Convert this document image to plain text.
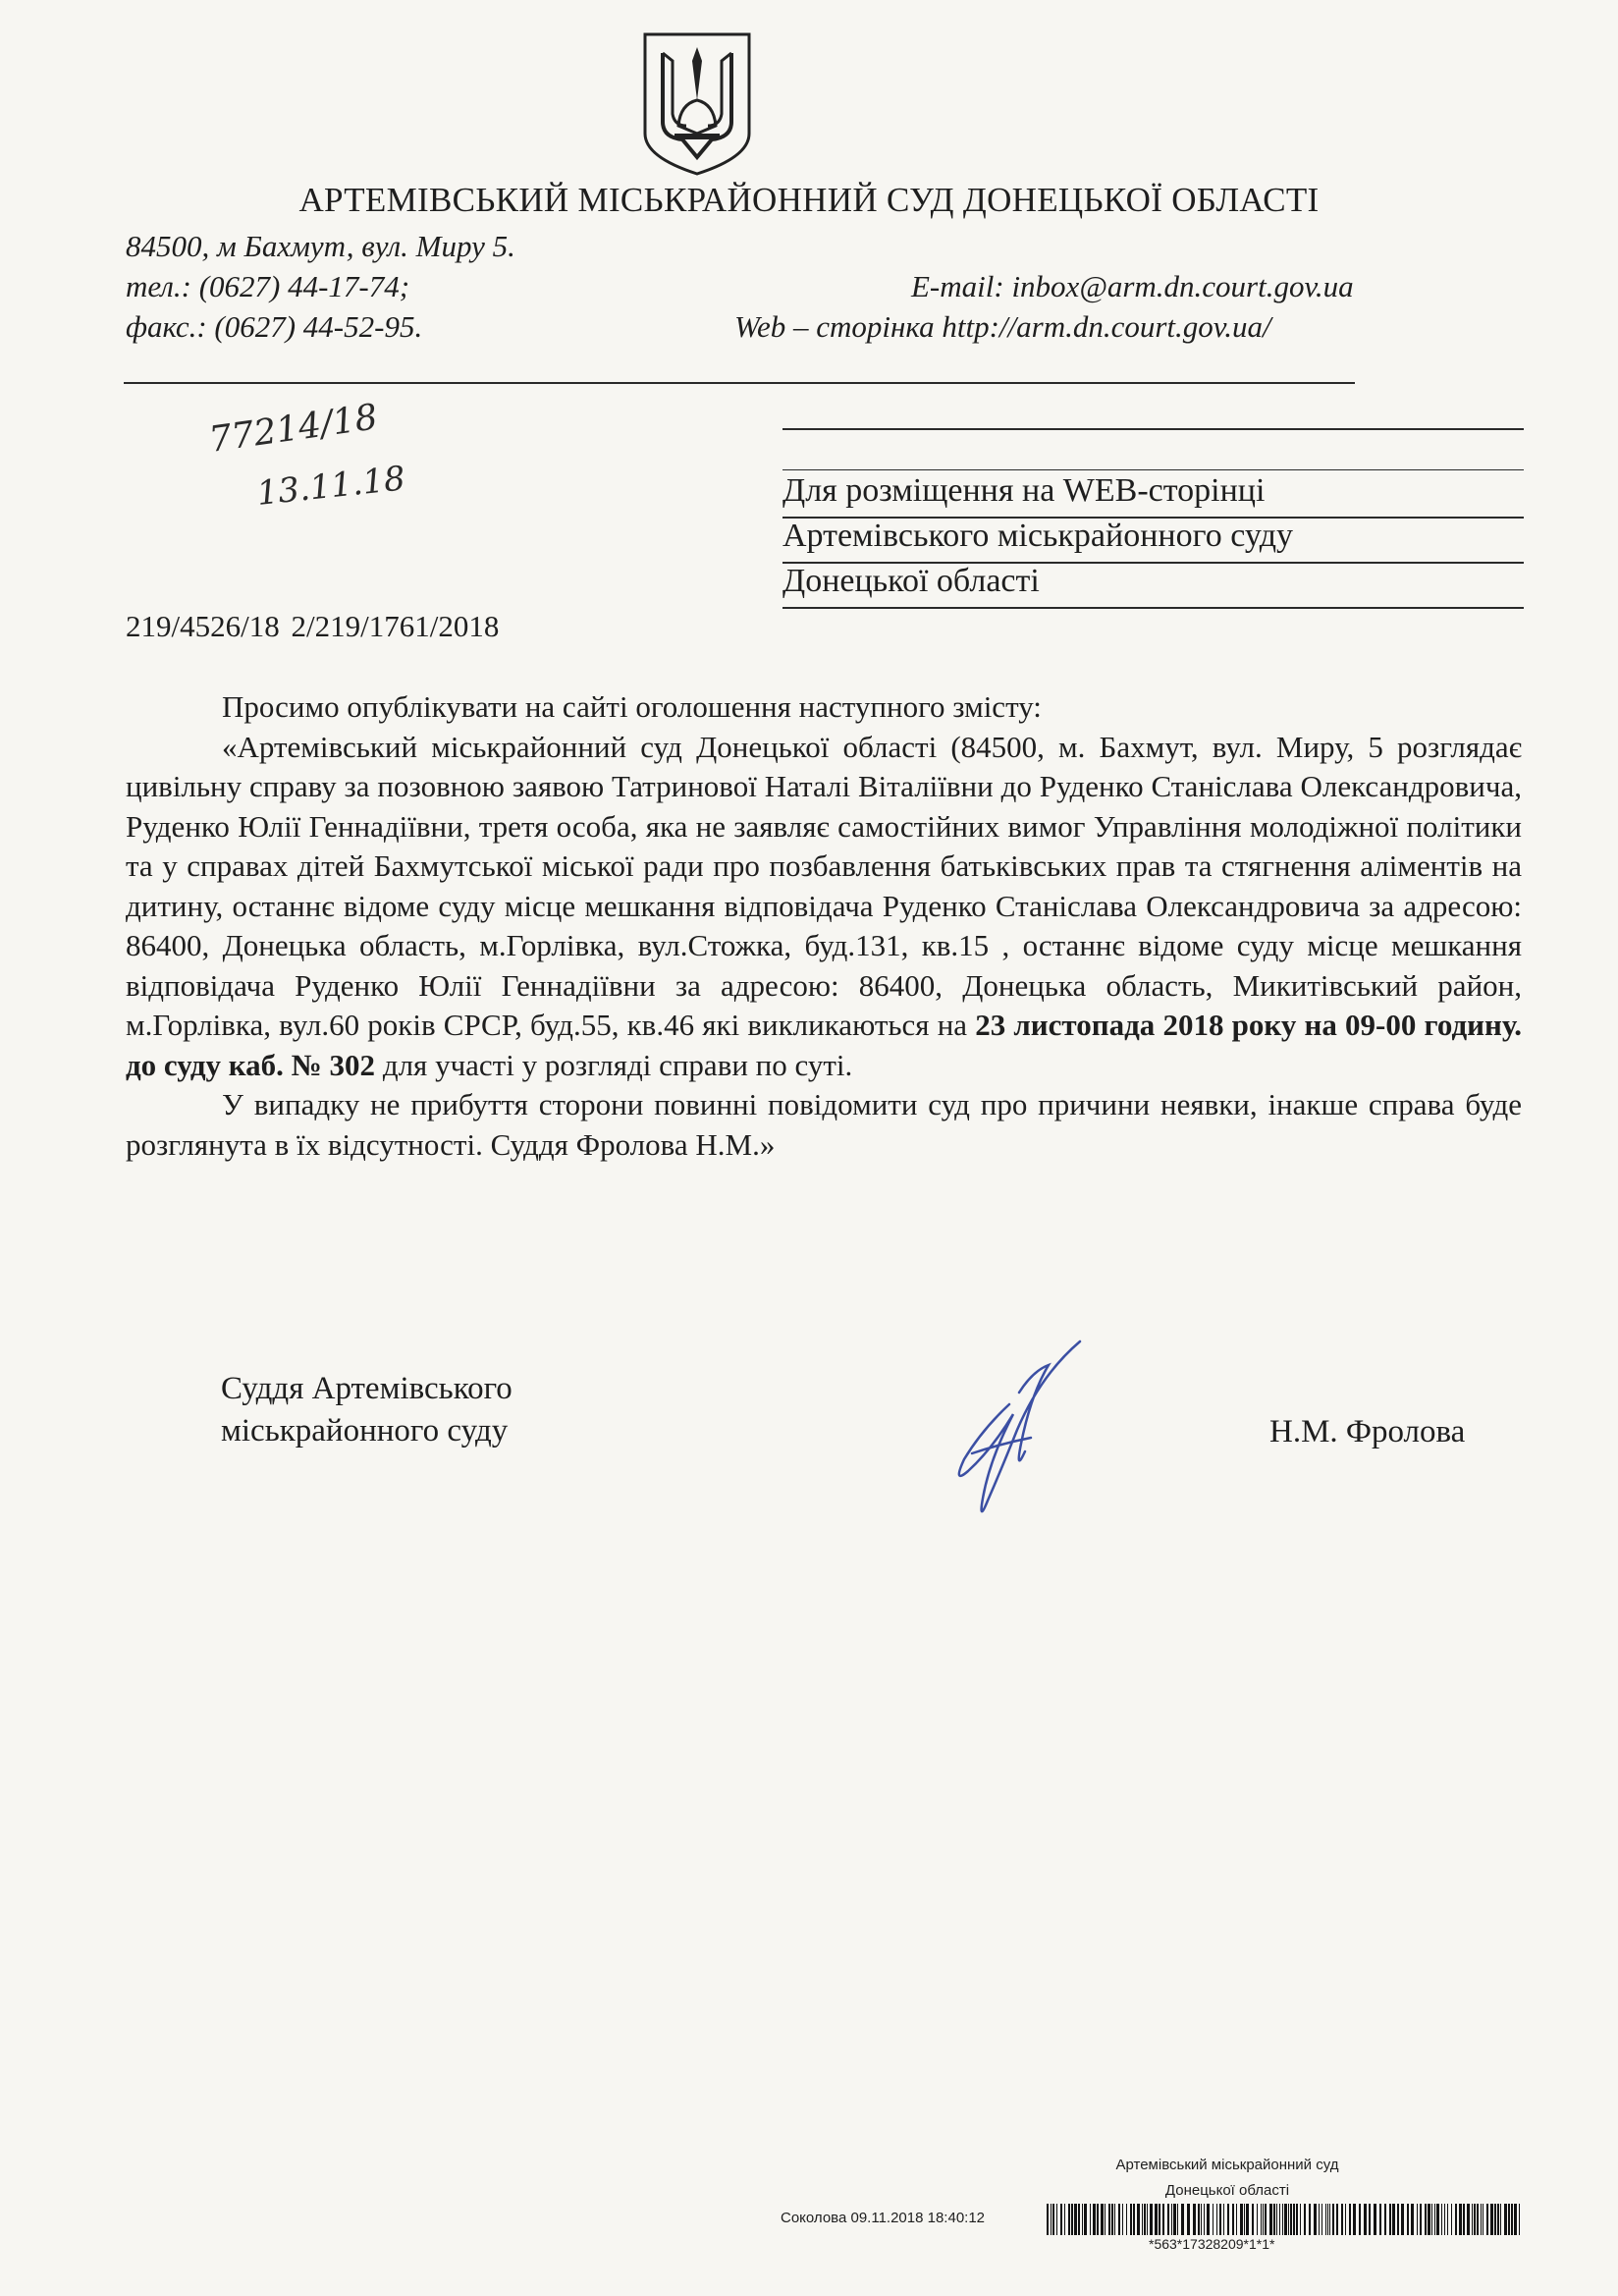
АРТЕМІВСЬКИЙ МІСЬКРАЙОННИЙ СУД ДОНЕЦЬКОЇ ОБЛАСТІ
84500, м Бахмут, вул. Миру 5.
тел.: (0627) 44-17-74;
факс.: (0627) 44-52-95.
E-mail: inbox@arm.dn.court.gov.ua
Web – сторінка http://arm.dn.court.gov.ua/
77214/18
13.11.18	Для розміщення на WEB-сторінці
Артемівського міськрайонного суду
Донецької області
219/4526/18 2/219/1761/2018

Просимо опублікувати на сайті оголошення наступного змісту:

«Артемівський міськрайонний суд Донецької області (84500, м. Бахмут, вул. Миру, 5 розглядає цивільну справу за позовною заявою Татринової Наталі Віталіївни до Руденко Станіслава Олександровича, Руденко Юлії Геннадіївни, третя особа, яка не заявляє самостійних вимог Управління молодіжної політики та у справах дітей Бахмутської міської ради про позбавлення батьківських прав та стягнення аліментів на дитину, останнє відоме суду місце мешкання відповідача Руденко Станіслава Олександровича за адресою: 86400, Донецька область, м.Горлівка, вул.Стожка, буд.131, кв.15 , останнє відоме суду місце мешкання відповідача Руденко Юлії Геннадіївни за адресою: 86400, Донецька область, Микитівський район, м.Горлівка, вул.60 років СРСР, буд.55, кв.46 які викликаються на 23 листопада 2018 року на 09-00 годину. до суду каб. № 302 для участі у розгляді справи по суті.

У випадку не прибуття сторони повинні повідомити суд про причини неявки, інакше справа буде розглянута в їх відсутності. Суддя Фролова Н.М.»

Суддя Артемівського
міськрайонного суду	Н.М. Фролова
Артемівський міськрайонний суд
Донецької області
Соколова 09.11.2018 18:40:12
*563*17328209*1*1*
